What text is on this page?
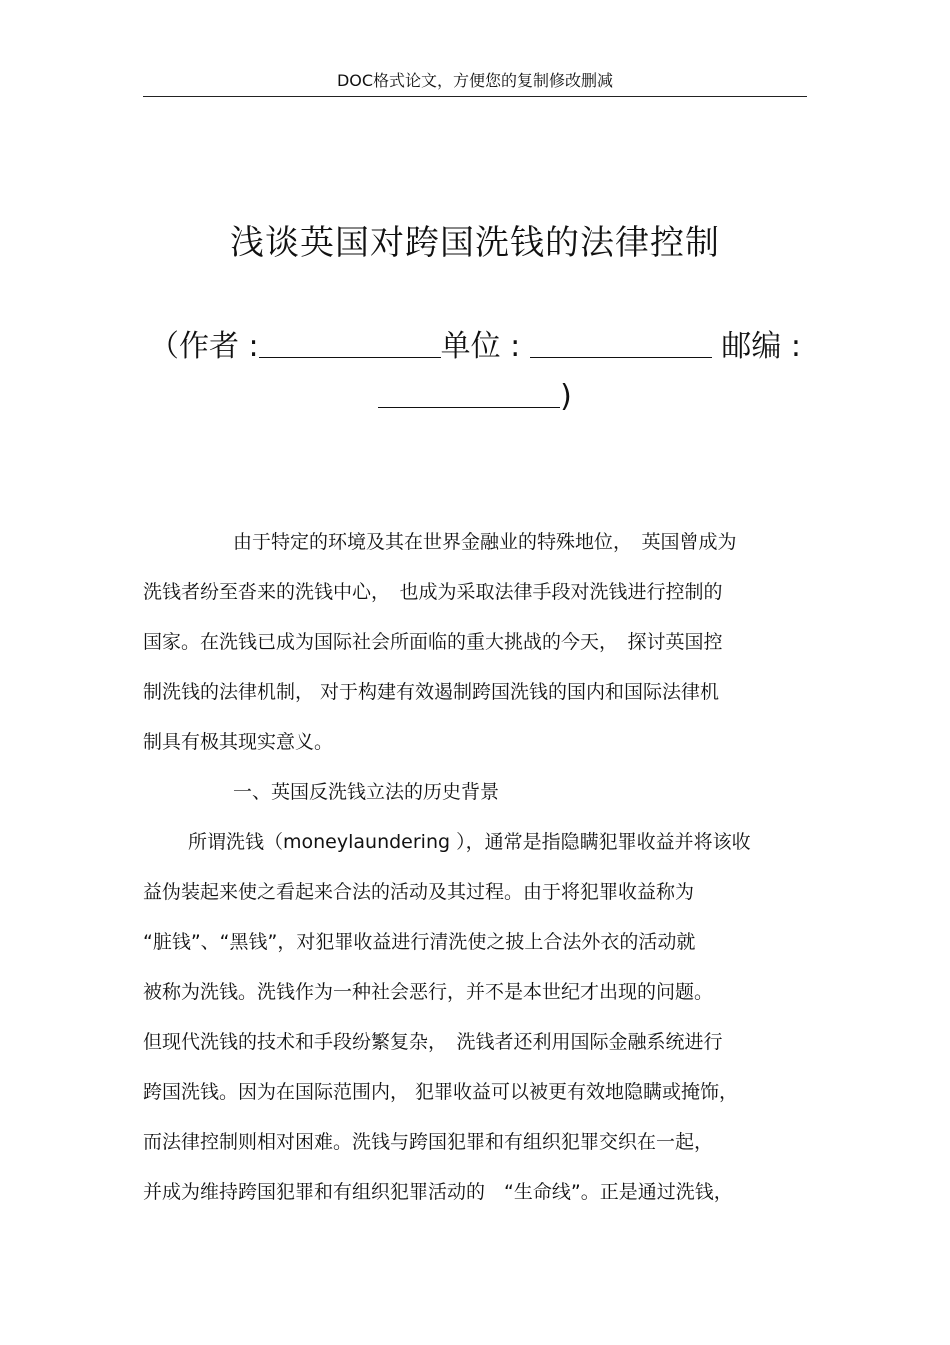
DOC格式论文，方便您的复制修改删减
浅谈英国对跨国洗钱的法律控制
（作者 :	单位 :	邮编 :
)
由于特定的环境及其在世界金融业的特殊地位，　英国曾成为
洗钱者纷至沓来的洗钱中心，　也成为采取法律手段对洗钱进行控制的
国家。在洗钱已成为国际社会所面临的重大挑战的今天，　探讨英国控
制洗钱的法律机制， 对于构建有效遏制跨国洗钱的国内和国际法律机
制具有极其现实意义。
一、英国反洗钱立法的历史背景
所谓洗钱（moneylaundering ），通常是指隐瞒犯罪收益并将该收
益伪装起来使之看起来合法的活动及其过程。由于将犯罪收益称为
“脏钱”、“黑钱”，对犯罪收益进行清洗使之披上合法外衣的活动就
被称为洗钱。洗钱作为一种社会恶行，并不是本世纪才出现的问题。
但现代洗钱的技术和手段纷繁复杂，　洗钱者还利用国际金融系统进行
跨国洗钱。因为在国际范围内， 犯罪收益可以被更有效地隐瞒或掩饰，
而法律控制则相对困难。洗钱与跨国犯罪和有组织犯罪交织在一起，
并成为维持跨国犯罪和有组织犯罪活动的　“生命线”。正是通过洗钱，
